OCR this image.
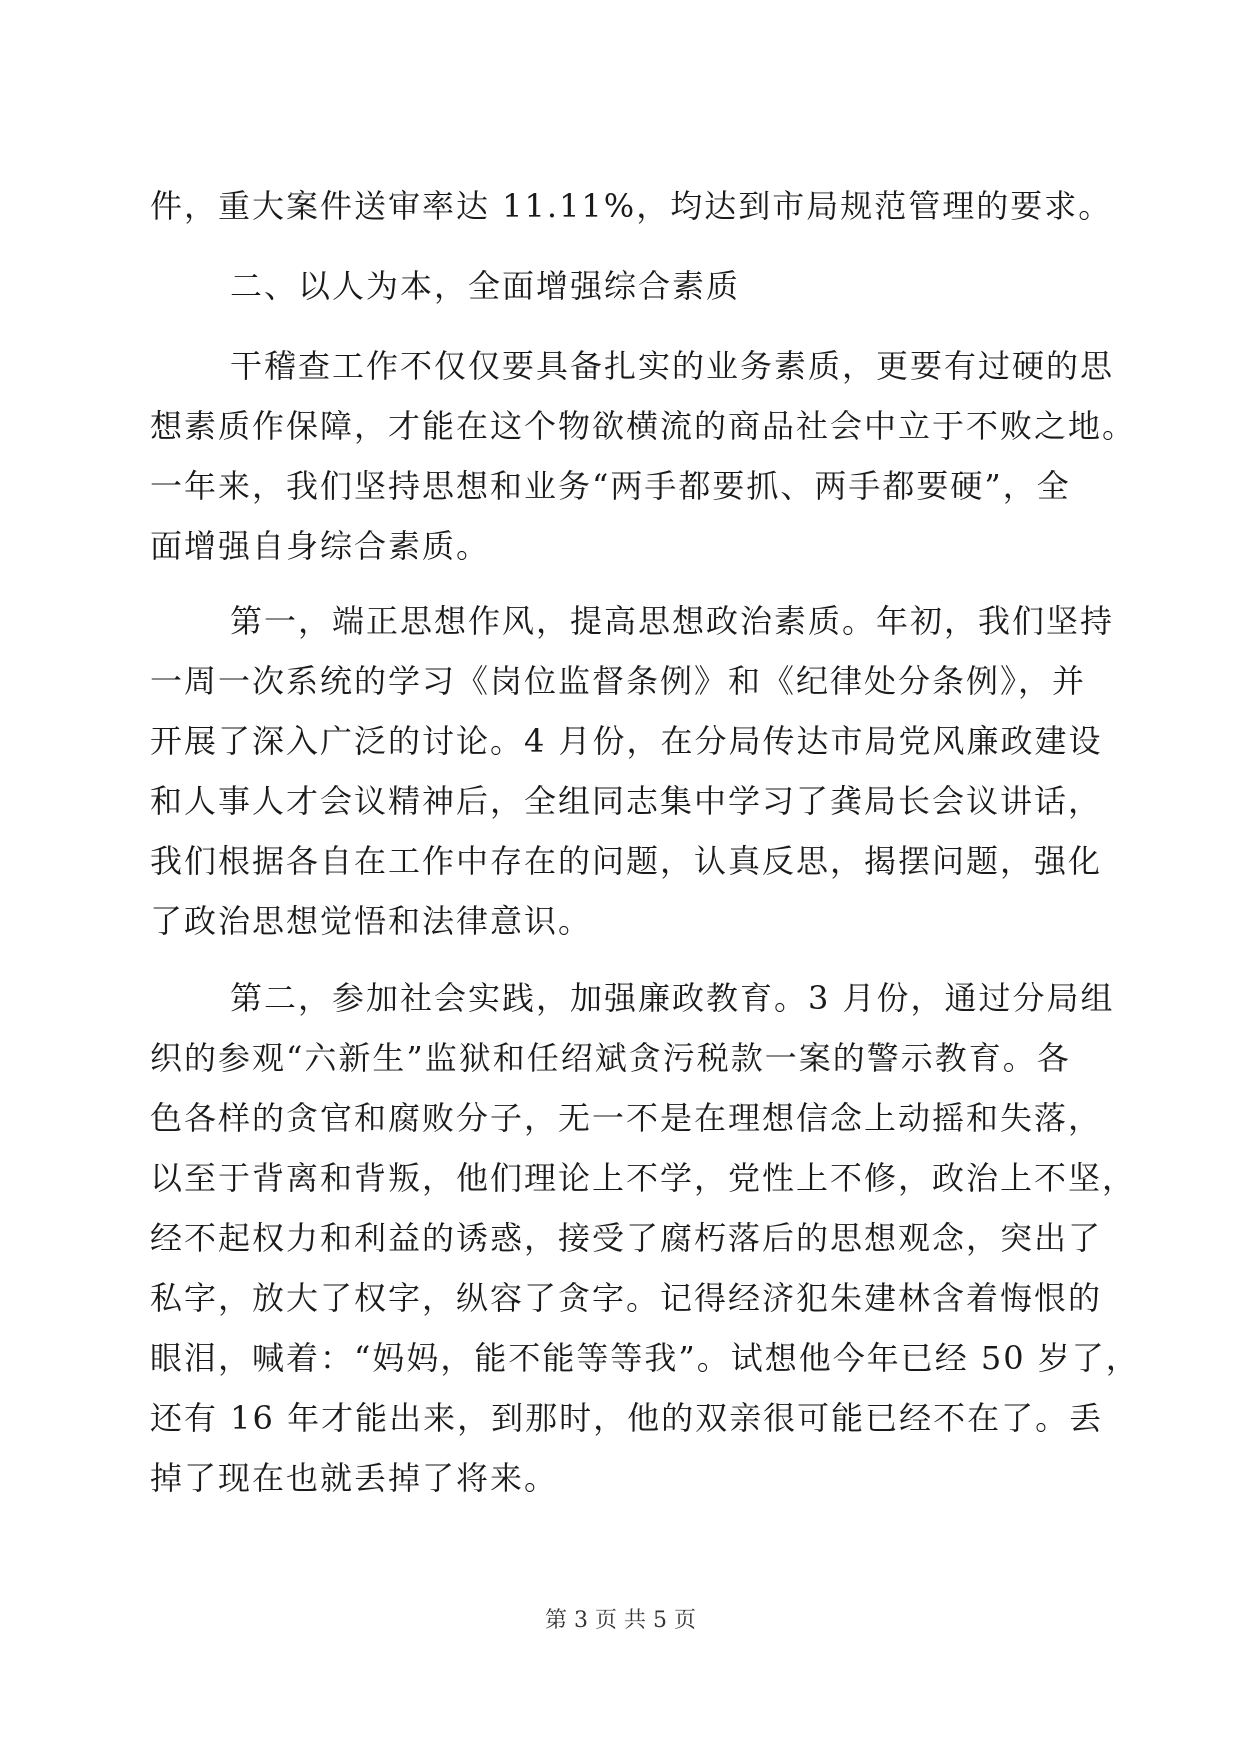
件，重大案件送审率达 11.11%，均达到市局规范管理的要求。
二、以人为本，全面增强综合素质
干稽查工作不仅仅要具备扎实的业务素质，更要有过硬的思
想素质作保障，才能在这个物欲横流的商品社会中立于不败之地。
一年来，我们坚持思想和业务“两手都要抓、两手都要硬”，全
面增强自身综合素质。
第一，端正思想作风，提高思想政治素质。年初，我们坚持
一周一次系统的学习《岗位监督条例》和《纪律处分条例》，并
开展了深入广泛的讨论。4 月份，在分局传达市局党风廉政建设
和人事人才会议精神后，全组同志集中学习了龚局长会议讲话，
我们根据各自在工作中存在的问题，认真反思，揭摆问题，强化
了政治思想觉悟和法律意识。
第二，参加社会实践，加强廉政教育。3 月份，通过分局组
织的参观“六新生”监狱和任绍斌贪污税款一案的警示教育。各
色各样的贪官和腐败分子，无一不是在理想信念上动摇和失落，
以至于背离和背叛，他们理论上不学，党性上不修，政治上不坚，
经不起权力和利益的诱惑，接受了腐朽落后的思想观念，突出了
私字，放大了权字，纵容了贪字。记得经济犯朱建林含着悔恨的
眼泪，喊着：“妈妈，能不能等等我”。试想他今年已经 50 岁了，
还有 16 年才能出来，到那时，他的双亲很可能已经不在了。丢
掉了现在也就丢掉了将来。
第 3 页 共 5 页
